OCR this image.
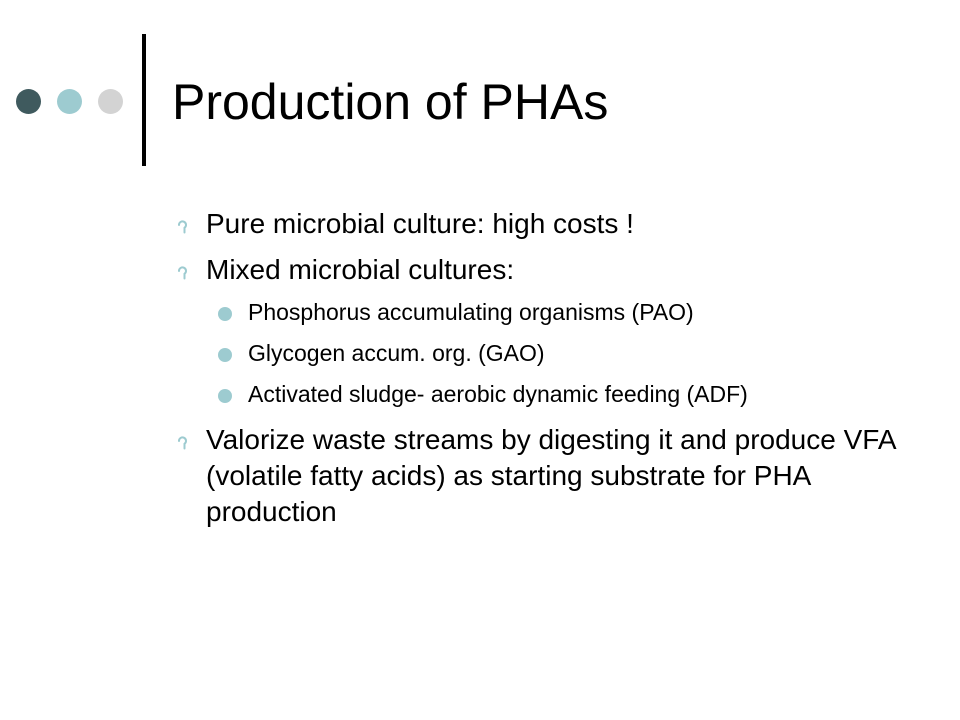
Production of PHAs
Pure microbial culture: high costs !
Mixed microbial cultures:
Phosphorus accumulating organisms (PAO)
Glycogen accum. org. (GAO)
Activated sludge- aerobic dynamic feeding (ADF)
Valorize waste streams by digesting it and produce VFA (volatile fatty acids) as starting substrate for PHA production
